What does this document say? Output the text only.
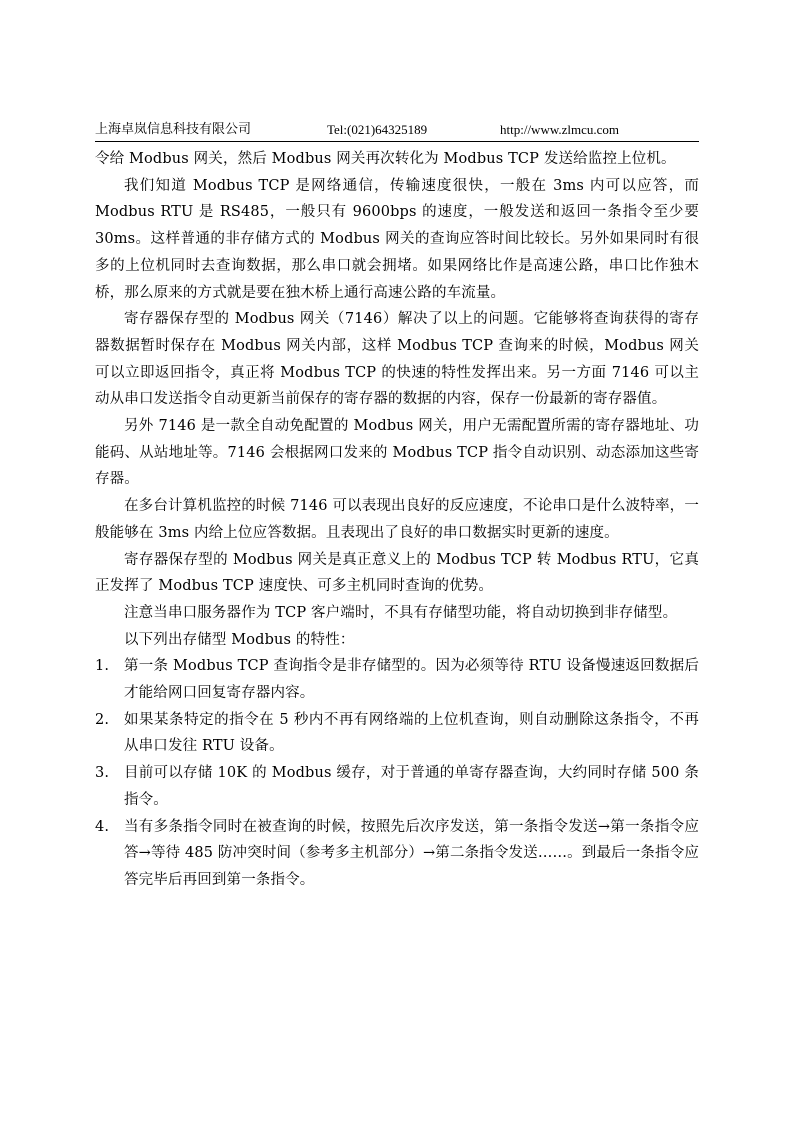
上海卓岚信息科技有限公司	Tel:(021)64325189	http://www.zlmcu.com

令给 Modbus 网关，然后 Modbus 网关再次转化为 Modbus TCP 发送给监控上位机。

我们知道 Modbus TCP 是网络通信，传输速度很快，一般在 3ms 内可以应答，而 Modbus RTU 是 RS485，一般只有 9600bps 的速度，一般发送和返回一条指令至少要 30ms。这样普通的非存储方式的 Modbus 网关的查询应答时间比较长。另外如果同时有很多的上位机同时去查询数据，那么串口就会拥堵。如果网络比作是高速公路，串口比作独木桥，那么原来的方式就是要在独木桥上通行高速公路的车流量。

寄存器保存型的 Modbus 网关（7146）解决了以上的问题。它能够将查询获得的寄存器数据暂时保存在 Modbus 网关内部，这样 Modbus TCP 查询来的时候，Modbus 网关可以立即返回指令，真正将 Modbus TCP 的快速的特性发挥出来。另一方面 7146 可以主动从串口发送指令自动更新当前保存的寄存器的数据的内容，保存一份最新的寄存器值。

另外 7146 是一款全自动免配置的 Modbus 网关，用户无需配置所需的寄存器地址、功能码、从站地址等。7146 会根据网口发来的 Modbus TCP 指令自动识别、动态添加这些寄存器。

在多台计算机监控的时候 7146 可以表现出良好的反应速度，不论串口是什么波特率，一般能够在 3ms 内给上位应答数据。且表现出了良好的串口数据实时更新的速度。

寄存器保存型的 Modbus 网关是真正意义上的 Modbus TCP 转 Modbus RTU，它真正发挥了 Modbus TCP 速度快、可多主机同时查询的优势。

注意当串口服务器作为 TCP 客户端时，不具有存储型功能，将自动切换到非存储型。

以下列出存储型 Modbus 的特性：

1. 第一条 Modbus TCP 查询指令是非存储型的。因为必须等待 RTU 设备慢速返回数据后才能给网口回复寄存器内容。
2. 如果某条特定的指令在 5 秒内不再有网络端的上位机查询，则自动删除这条指令，不再从串口发往 RTU 设备。
3. 目前可以存储 10K 的 Modbus 缓存，对于普通的单寄存器查询，大约同时存储 500 条指令。
4. 当有多条指令同时在被查询的时候，按照先后次序发送，第一条指令发送→第一条指令应答→等待 485 防冲突时间（参考多主机部分）→第二条指令发送……。到最后一条指令应答完毕后再回到第一条指令。
